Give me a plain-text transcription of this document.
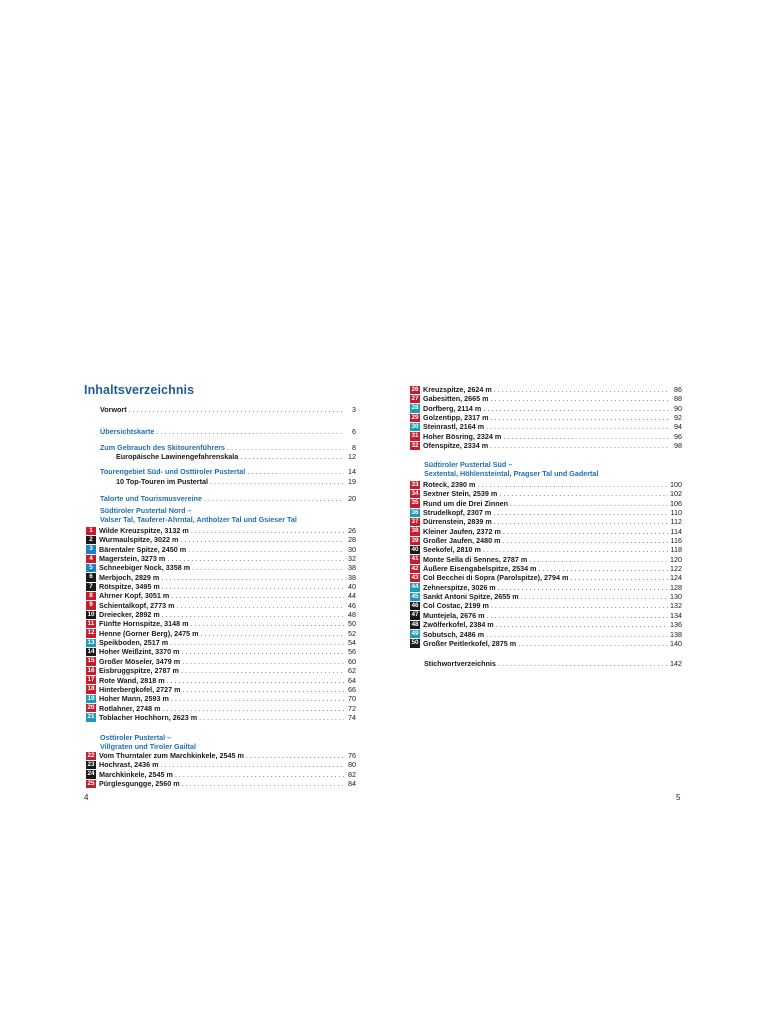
Inhaltsverzeichnis
Vorwort . . .	3
Übersichtskarte . . .	6
Zum Gebrauch des Skitourenführers . . .	8
Europäische Lawinengefahrenskala . . .	12
Tourengebiet Süd- und Osttiroler Pustertal . . .	14
10 Top-Touren im Pustertal . . .	19
Talorte und Tourismusvereine . . .	20
Südtiroler Pustertal Nord –
Valser Tal, Tauferer-Ahrntal, Antholzer Tal und Gsieser Tal
1 Wilde Kreuzspitze, 3132 m . . .	26
2 Wurmaulspitze, 3022 m . . .	28
3 Bärentaler Spitze, 2450 m . . .	30
4 Magerstein, 3273 m . . .	32
5 Schneebiger Nock, 3358 m . . .	38
6 Merbjoch, 2829 m . . .	38
7 Rötspitze, 3495 m . . .	40
8 Ahrner Kopf, 3051 m . . .	44
9 Schientalkopf, 2773 m . . .	46
10 Dreiecker, 2892 m . . .	48
11 Fünfte Hornspitze, 3148 m . . .	50
12 Henne (Gorner Berg), 2475 m . . .	52
13 Speikboden, 2517 m . . .	54
14 Hoher Weißzint, 3370 m . . .	56
15 Großer Möseler, 3479 m . . .	60
16 Eisbruggspitze, 2787 m . . .	62
17 Rote Wand, 2818 m . . .	64
18 Hinterbergkofel, 2727 m . . .	66
19 Hoher Mann, 2593 m . . .	70
20 Rotlahner, 2748 m . . .	72
21 Toblacher Hochhorn, 2623 m . . .	74
Osttiroler Pustertal –
Villgraten und Tiroler Gailtal
22 Vom Thurntaler zum Marchkinkele, 2545 m . . .	76
23 Hochrast, 2436 m . . .	80
24 Marchkinkele, 2545 m . . .	82
25 Pürglesgungge, 2560 m . . .	84
4
26 Kreuzspitze, 2624 m . . .	86
27 Gabesitten, 2665 m . . .	88
28 Dorfberg, 2114 m . . .	90
29 Golzentipp, 2317 m . . .	92
30 Steinrastl, 2164 m . . .	94
31 Hoher Bösring, 2324 m . . .	96
32 Ofenspitze, 2334 m . . .	98
Südtiroler Pustertal Süd –
Sextental, Höhlensteintal, Pragser Tal und Gadertal
33 Roteck, 2390 m . . .	100
34 Sextner Stein, 2539 m . . .	102
35 Rund um die Drei Zinnen . . .	106
36 Strudelkopf, 2307 m . . .	110
37 Dürrenstein, 2839 m . . .	112
38 Kleiner Jaufen, 2372 m . . .	114
39 Großer Jaufen, 2480 m . . .	116
40 Seekofel, 2810 m . . .	118
41 Monte Sella di Sennes, 2787 m . . .	120
42 Äußere Eisengabelspitze, 2534 m . . .	122
43 Col Becchei di Sopra (Parolspitze), 2794 m . . .	124
44 Zehnerspitze, 3026 m . . .	128
45 Sankt Antoni Spitze, 2655 m . . .	130
46 Col Costac, 2199 m . . .	132
47 Muntejela, 2676 m . . .	134
48 Zwölferkofel, 2384 m . . .	136
49 Sobutsch, 2486 m . . .	138
50 Großer Peitlerkofel, 2875 m . . .	140
Stichwortverzeichnis . . .	142
5
